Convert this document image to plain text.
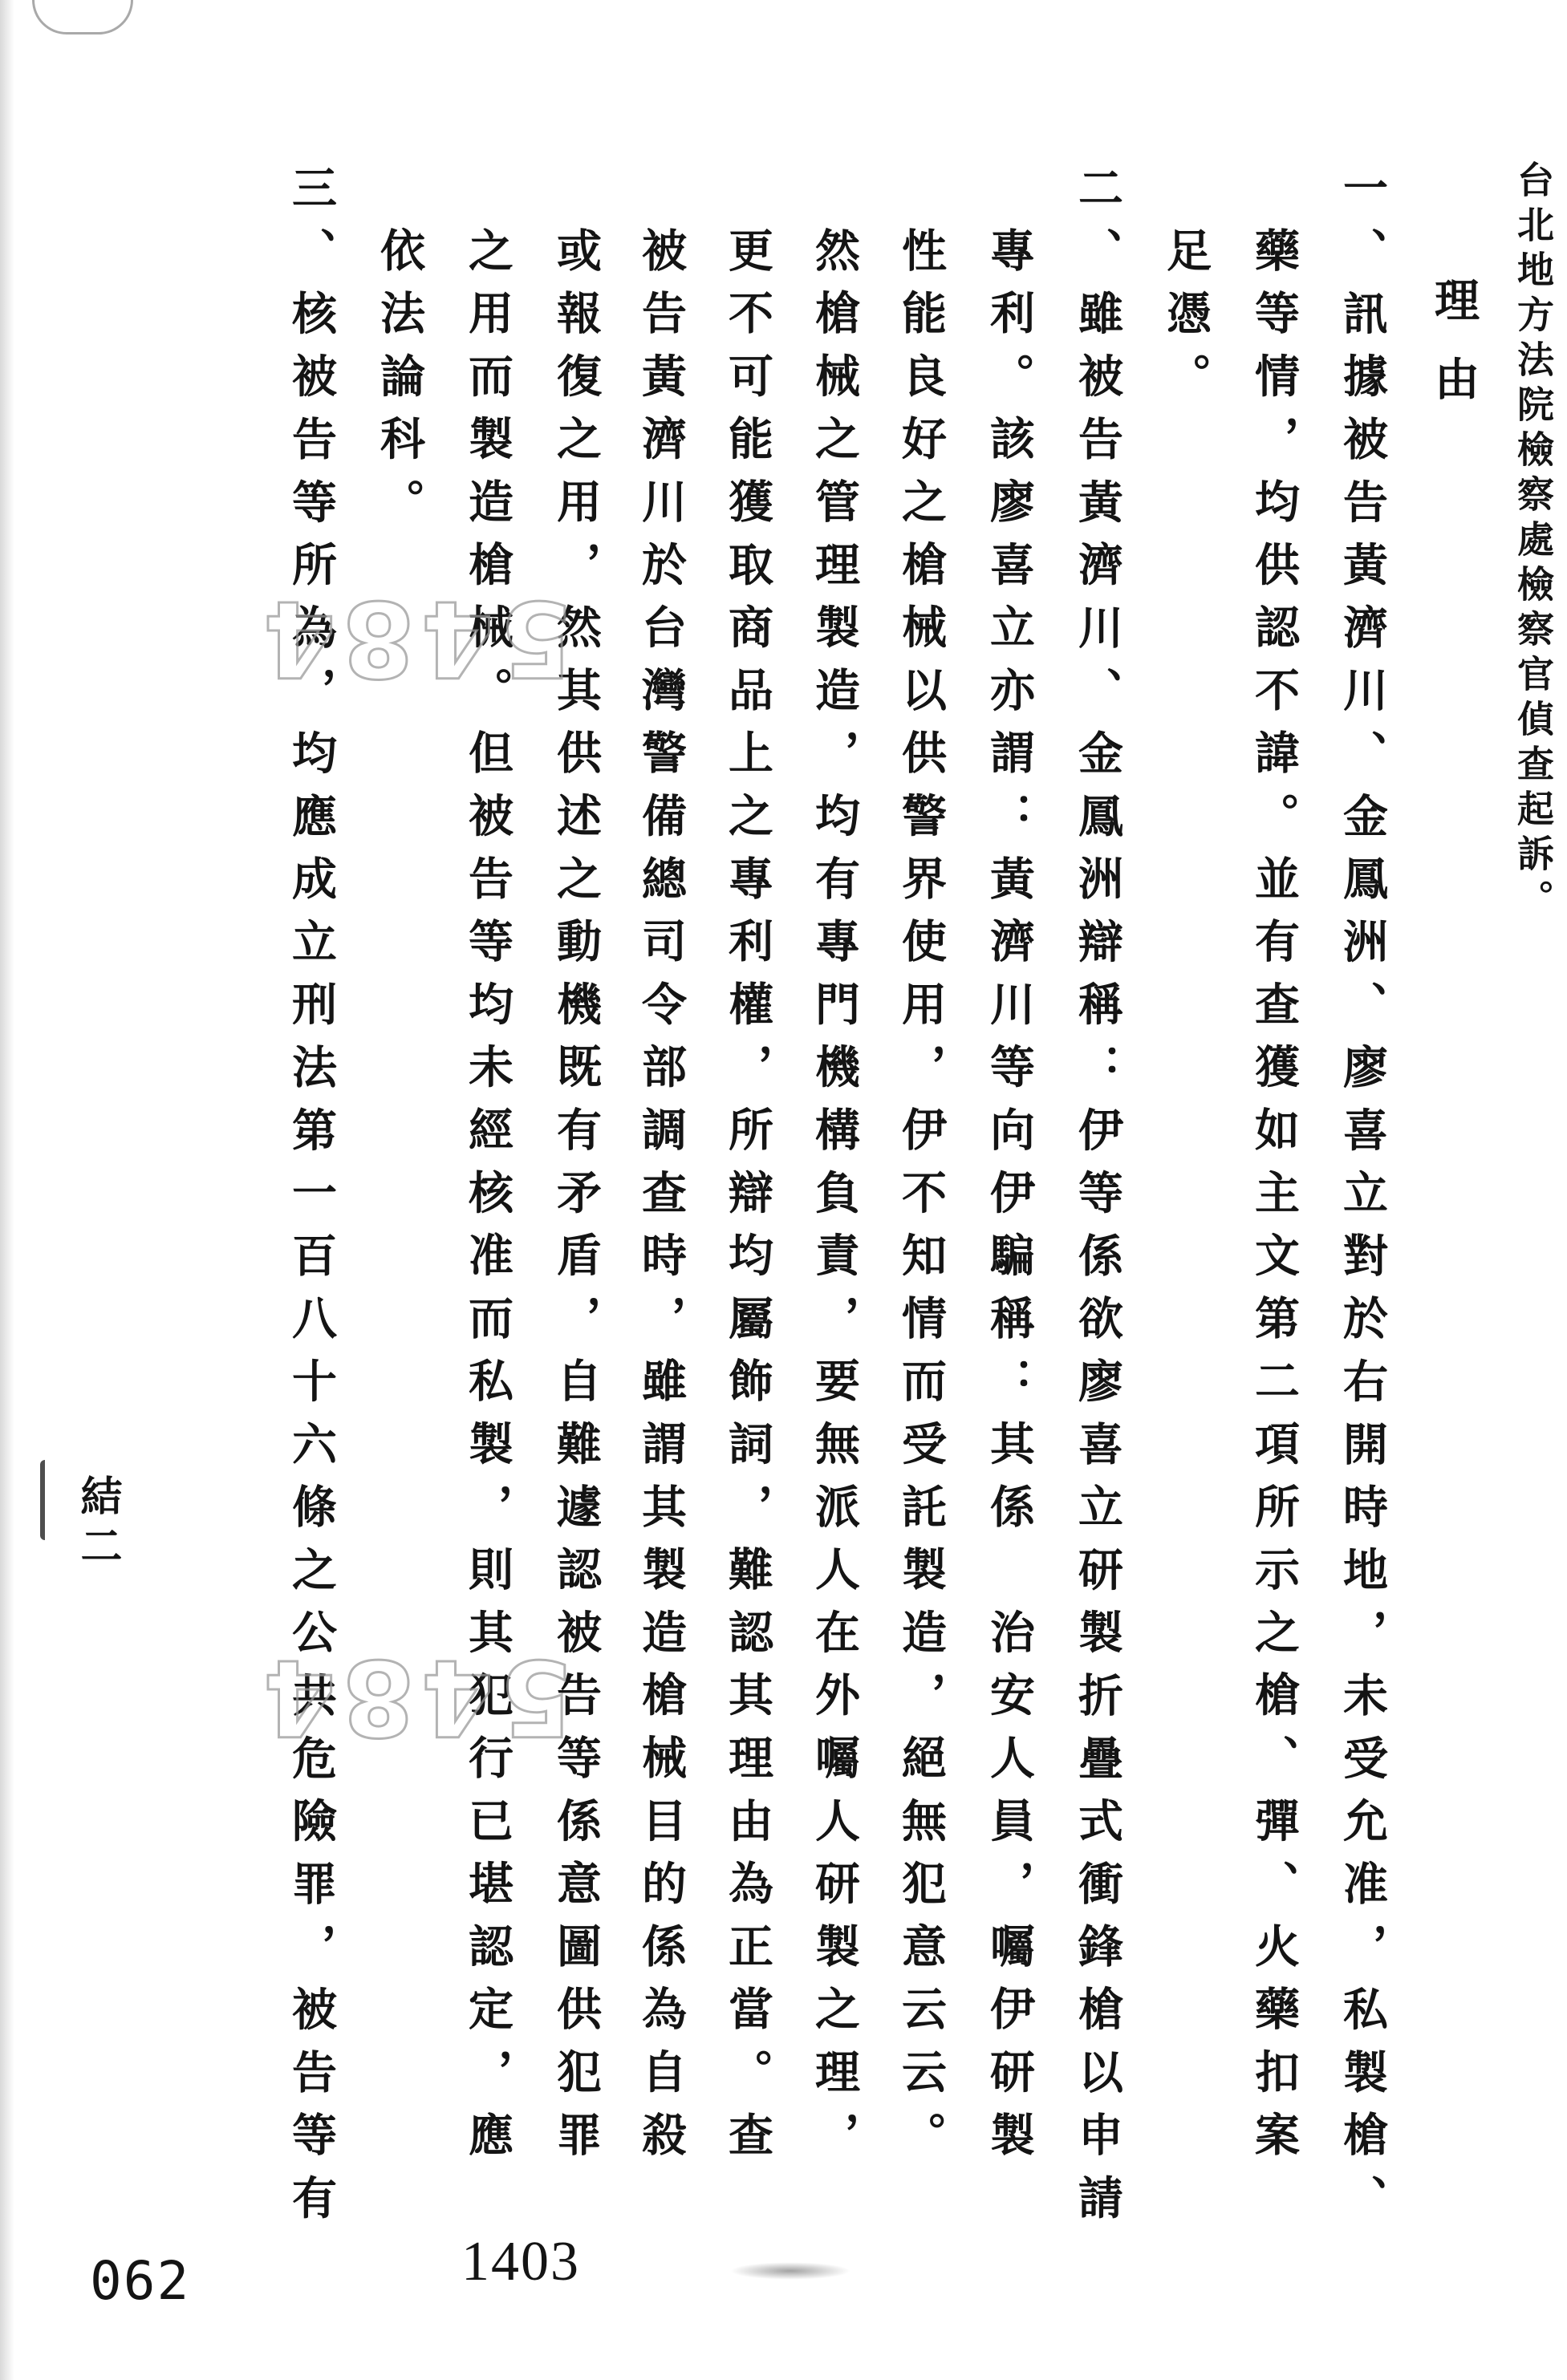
台北地方法院檢察處檢察官偵查起訴。
理由
一、訊據被告黃濟川、金鳳洲、廖喜立對於右開時地，未受允准，私製槍、
藥等情，均供認不諱。並有查獲如主文第二項所示之槍、彈、火藥扣案
足憑。
二、雖被告黃濟川、金鳳洲辯稱：伊等係欲廖喜立研製折疊式衝鋒槍以申請
專利。該廖喜立亦謂：黃濟川等向伊騙稱：其係　治安人員，囑伊研製
性能良好之槍械以供警界使用，伊不知情而受託製造，絕無犯意云云。
然槍械之管理製造，均有專門機構負責，要無派人在外囑人研製之理，
更不可能獲取商品上之專利權，所辯均屬飾詞，難認其理由為正當。查
被告黃濟川於台灣警備總司令部調查時，雖謂其製造槍械目的係為自殺
或報復之用，然其供述之動機既有矛盾，自難遽認被告等係意圖供犯罪
之用而製造槍械。但被告等均未經核准而私製，則其犯行已堪認定，應
依法論科。
三、核被告等所為，均應成立刑法第一百八十六條之公共危險罪，被告等有
5484
5484
結二
062	1403
